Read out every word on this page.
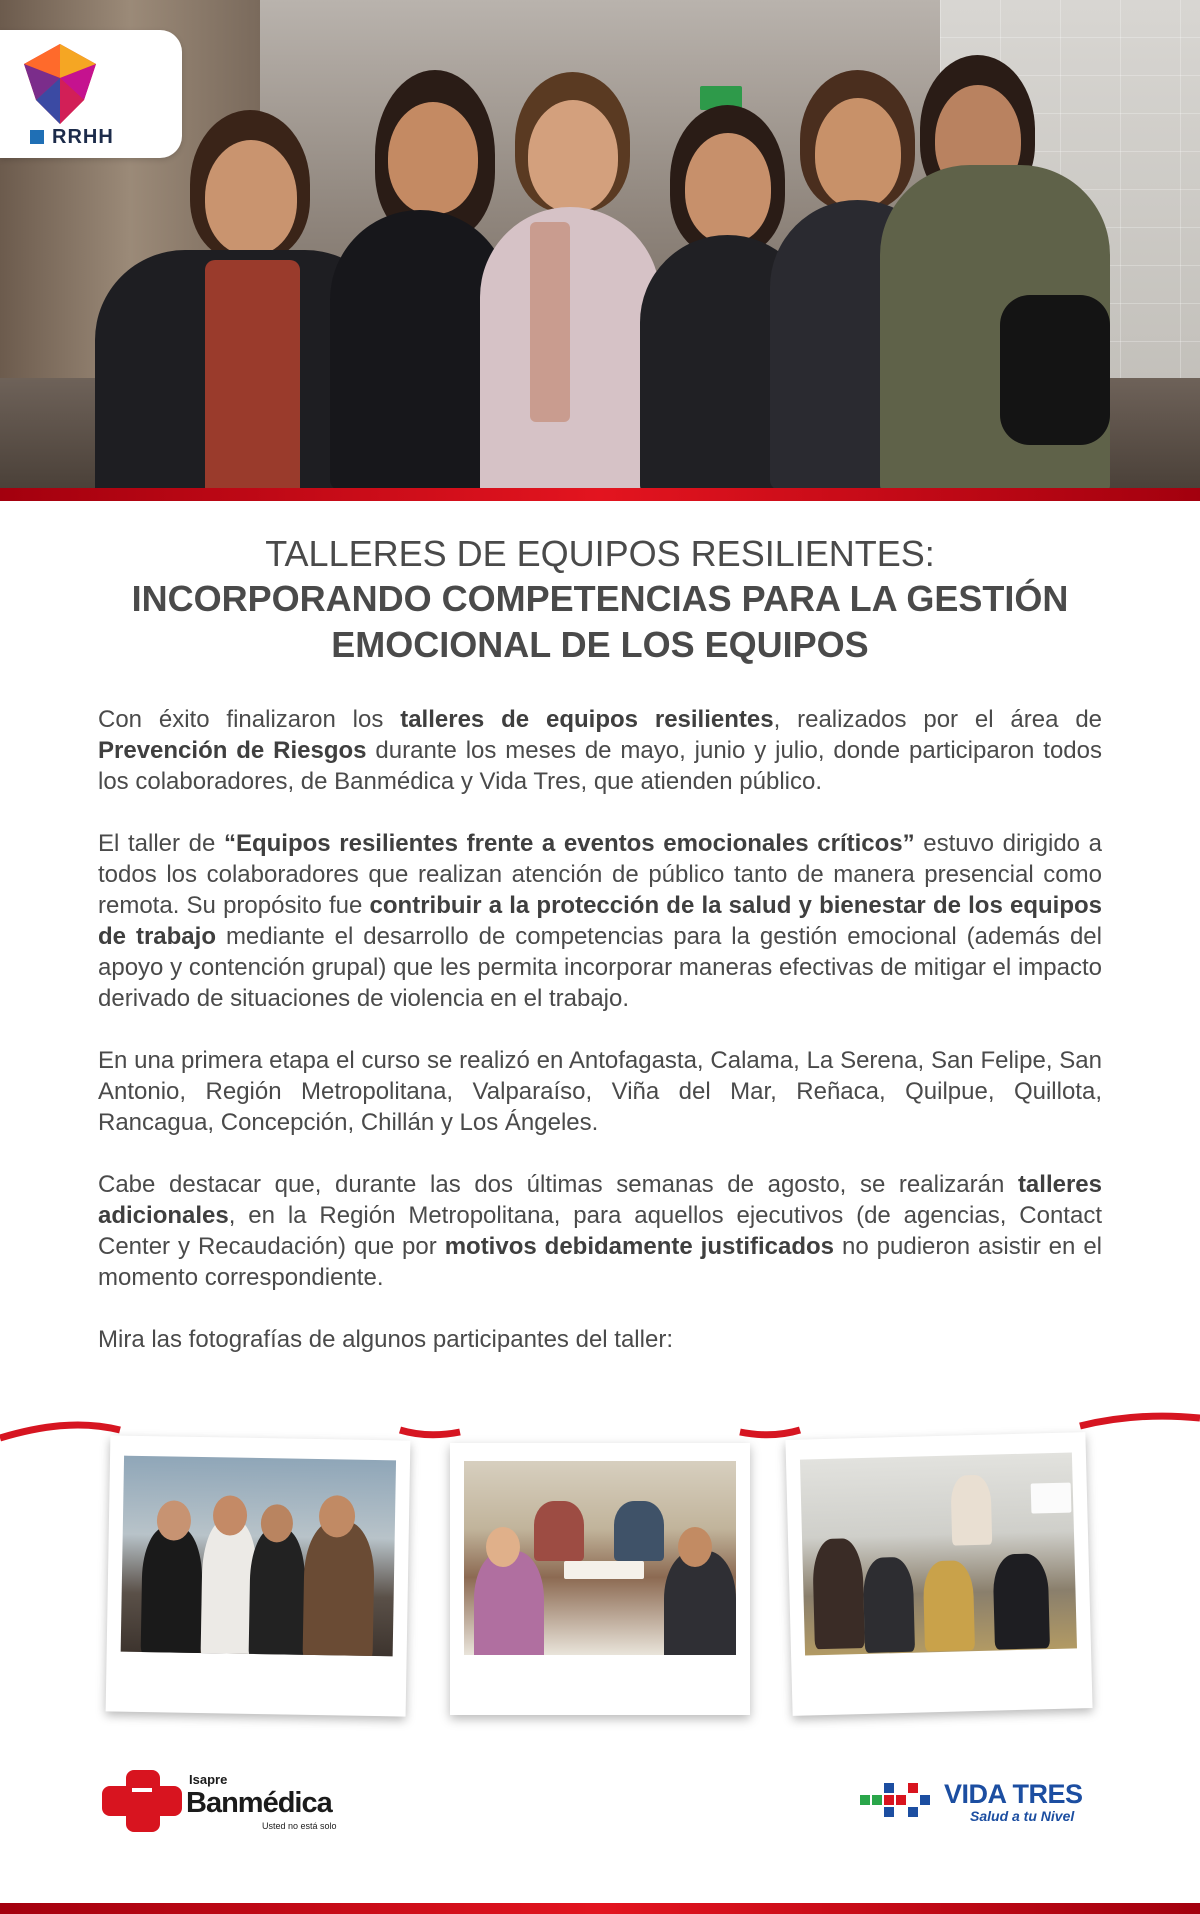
RRHH
TALLERES DE EQUIPOS RESILIENTES:
INCORPORANDO COMPETENCIAS PARA LA GESTIÓN
EMOCIONAL DE LOS EQUIPOS

Con éxito finalizaron los talleres de equipos resilientes, realizados por el área de Prevención de Riesgos durante los meses de mayo, junio y julio, donde participaron todos los colaboradores, de Banmédica y Vida Tres, que atienden público.

El taller de “Equipos resilientes frente a eventos emocionales críticos” estuvo dirigido a todos los colaboradores que realizan atención de público tanto de manera presencial como remota. Su propósito fue contribuir a la protección de la salud y bienestar de los equipos de trabajo mediante el desarrollo de competencias para la gestión emocional (además del apoyo y contención grupal) que les permita incorporar maneras efectivas de mitigar el impacto derivado de situaciones de violencia en el trabajo.

En una primera etapa el curso se realizó en Antofagasta, Calama, La Serena, San Felipe, San Antonio, Región Metropolitana, Valparaíso, Viña del Mar, Reñaca, Quilpue, Quillota, Rancagua, Concepción, Chillán y Los Ángeles.

Cabe destacar que, durante las dos últimas semanas de agosto, se realizarán talleres adicionales, en la Región Metropolitana, para aquellos ejecutivos (de agencias, Contact Center y Recaudación) que por motivos debidamente justificados no pudieron asistir en el momento correspondiente.

Mira las fotografías de algunos participantes del taller:

Isapre
Banmédica
Usted no está solo
VIDA TRES
Salud a tu Nivel
